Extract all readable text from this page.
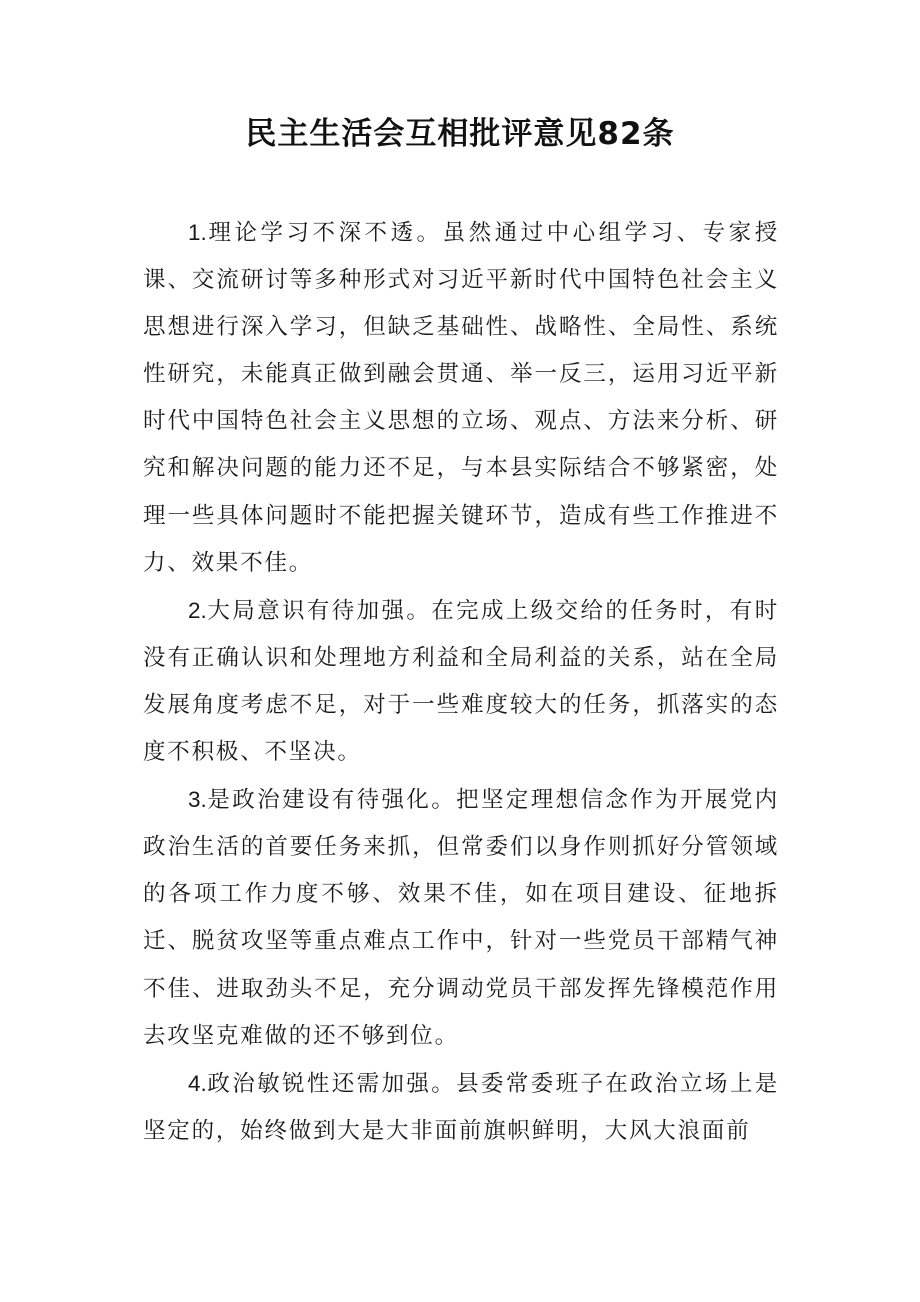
民主生活会互相批评意见82条

1.理论学习不深不透。虽然通过中心组学习、专家授课、交流研讨等多种形式对习近平新时代中国特色社会主义思想进行深入学习，但缺乏基础性、战略性、全局性、系统性研究，未能真正做到融会贯通、举一反三，运用习近平新时代中国特色社会主义思想的立场、观点、方法来分析、研究和解决问题的能力还不足，与本县实际结合不够紧密，处理一些具体问题时不能把握关键环节，造成有些工作推进不力、效果不佳。

2.大局意识有待加强。在完成上级交给的任务时，有时没有正确认识和处理地方利益和全局利益的关系，站在全局发展角度考虑不足，对于一些难度较大的任务，抓落实的态度不积极、不坚决。

3.是政治建设有待强化。把坚定理想信念作为开展党内政治生活的首要任务来抓，但常委们以身作则抓好分管领域的各项工作力度不够、效果不佳，如在项目建设、征地拆迁、脱贫攻坚等重点难点工作中，针对一些党员干部精气神不佳、进取劲头不足，充分调动党员干部发挥先锋模范作用去攻坚克难做的还不够到位。

4.政治敏锐性还需加强。县委常委班子在政治立场上是坚定的，始终做到大是大非面前旗帜鲜明，大风大浪面前
